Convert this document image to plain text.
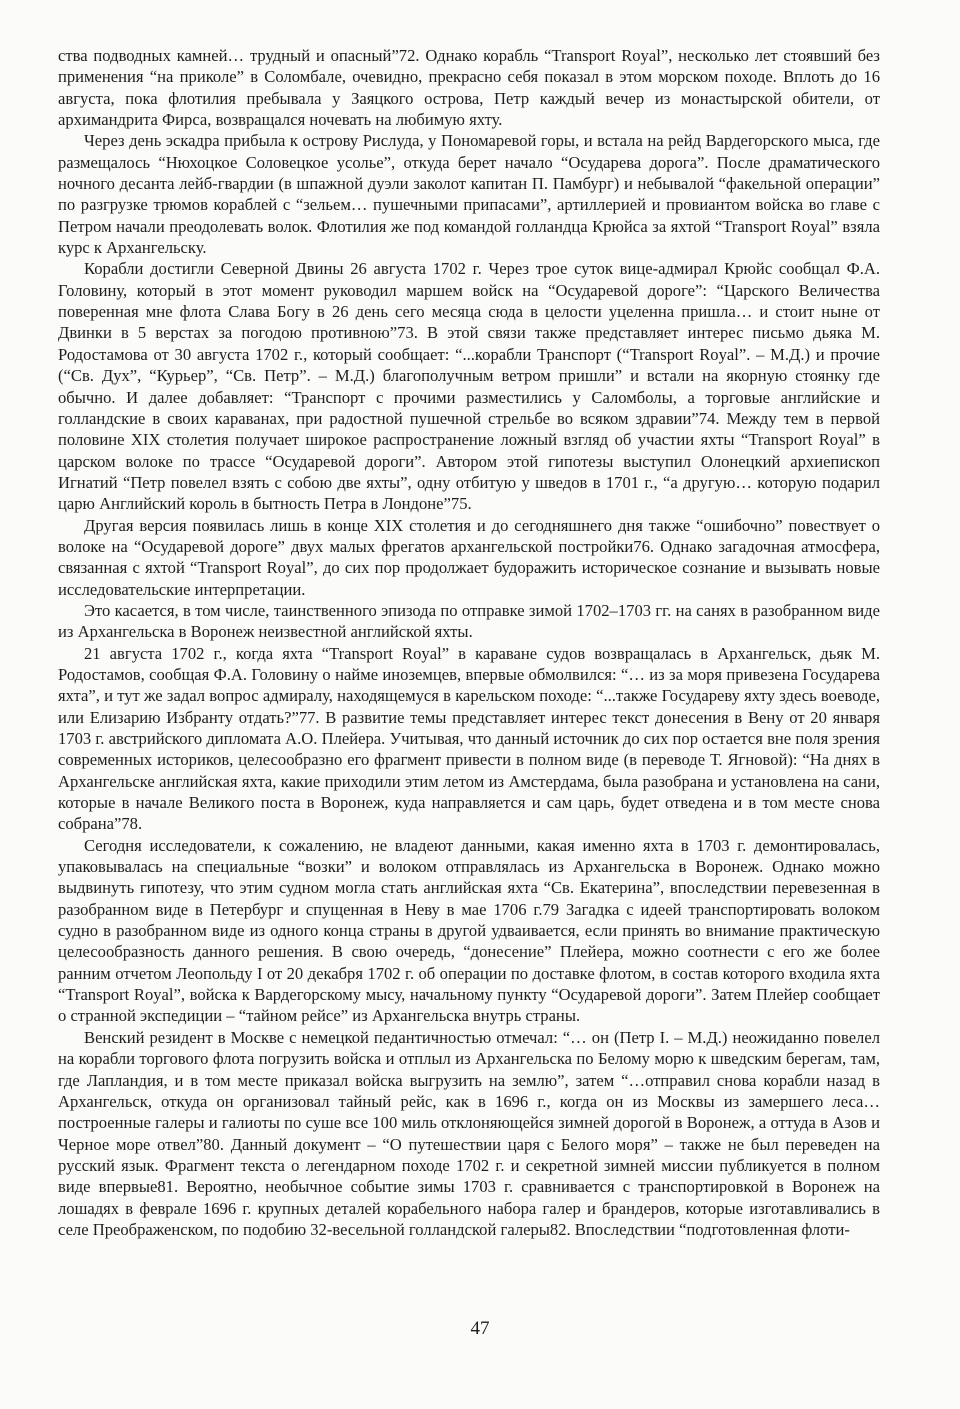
ства подводных камней… трудный и опасный”72. Однако корабль “Transport Royal”, несколько лет стоявший без применения “на приколе” в Соломбале, очевидно, прекрасно себя показал в этом морском походе. Вплоть до 16 августа, пока флотилия пребывала у Заяцкого острова, Петр каждый вечер из монастырской обители, от архимандрита Фирса, возвращался ночевать на любимую яхту.

Через день эскадра прибыла к острову Рислуда, у Пономаревой горы, и встала на рейд Вардегорского мыса, где размещалось “Нюхоцкое Соловецкое усолье”, откуда берет начало “Осударева дорога”. После драматического ночного десанта лейб-гвардии (в шпажной дуэли заколот капитан П. Памбург) и небывалой “факельной операции” по разгрузке трюмов кораблей с “зельем… пушечными припасами”, артиллерией и провиантом войска во главе с Петром начали преодолевать волок. Флотилия же под командой голландца Крюйса за яхтой “Transport Royal” взяла курс к Архангельску.

Корабли достигли Северной Двины 26 августа 1702 г. Через трое суток вице-адмирал Крюйс сообщал Ф.А. Головину, который в этот момент руководил маршем войск на “Осударевой дороге”: “Царского Величества поверенная мне флота Слава Богу в 26 день сего месяца сюда в целости уцеленна пришла… и стоит ныне от Двинки в 5 верстах за погодою противною”73. В этой связи также представляет интерес письмо дьяка М. Родостамова от 30 августа 1702 г., который сообщает: “...корабли Транспорт (“Transport Royal”. – М.Д.) и прочие (“Св. Дух”, “Курьер”, “Св. Петр”. – М.Д.) благополучным ветром пришли” и встали на якорную стоянку где обычно. И далее добавляет: “Транспорт с прочими разместились у Саломболы, а торговые английские и голландские в своих караванах, при радостной пушечной стрельбе во всяком здравии”74. Между тем в первой половине XIX столетия получает широкое распространение ложный взгляд об участии яхты “Transport Royal” в царском волоке по трассе “Осударевой дороги”. Автором этой гипотезы выступил Олонецкий архиепископ Игнатий “Петр повелел взять с собою две яхты”, одну отбитую у шведов в 1701 г., “а другую… которую подарил царю Английский король в бытность Петра в Лондоне”75.

Другая версия появилась лишь в конце XIX столетия и до сегодняшнего дня также “ошибочно” повествует о волоке на “Осударевой дороге” двух малых фрегатов архангельской постройки76. Однако загадочная атмосфера, связанная с яхтой “Transport Royal”, до сих пор продолжает будоражить историческое сознание и вызывать новые исследовательские интерпретации.

Это касается, в том числе, таинственного эпизода по отправке зимой 1702–1703 гг. на санях в разобранном виде из Архангельска в Воронеж неизвестной английской яхты.

21 августа 1702 г., когда яхта “Transport Royal” в караване судов возвращалась в Архангельск, дьяк М. Родостамов, сообщая Ф.А. Головину о найме иноземцев, впервые обмолвился: “… из за моря привезена Государева яхта”, и тут же задал вопрос адмиралу, находящемуся в карельском походе: “...также Государеву яхту здесь воеводе, или Елизарию Избранту отдать?”77. В развитие темы представляет интерес текст донесения в Вену от 20 января 1703 г. австрийского дипломата А.О. Плейера. Учитывая, что данный источник до сих пор остается вне поля зрения современных историков, целесообразно его фрагмент привести в полном виде (в переводе Т. Ягновой): “На днях в Архангельске английская яхта, какие приходили этим летом из Амстердама, была разобрана и установлена на сани, которые в начале Великого поста в Воронеж, куда направляется и сам царь, будет отведена и в том месте снова собрана”78.

Сегодня исследователи, к сожалению, не владеют данными, какая именно яхта в 1703 г. демонтировалась, упаковывалась на специальные “возки” и волоком отправлялась из Архангельска в Воронеж. Однако можно выдвинуть гипотезу, что этим судном могла стать английская яхта “Св. Екатерина”, впоследствии перевезенная в разобранном виде в Петербург и спущенная в Неву в мае 1706 г.79 Загадка с идеей транспортировать волоком судно в разобранном виде из одного конца страны в другой удваивается, если принять во внимание практическую целесообразность данного решения. В свою очередь, “донесение” Плейера, можно соотнести с его же более ранним отчетом Леопольду I от 20 декабря 1702 г. об операции по доставке флотом, в состав которого входила яхта “Transport Royal”, войска к Вардегорскому мысу, начальному пункту “Осударевой дороги”. Затем Плейер сообщает о странной экспедиции – “тайном рейсе” из Архангельска внутрь страны.

Венский резидент в Москве с немецкой педантичностью отмечал: “… он (Петр I. – М.Д.) неожиданно повелел на корабли торгового флота погрузить войска и отплыл из Архангельска по Белому морю к шведским берегам, там, где Лапландия, и в том месте приказал войска выгрузить на землю”, затем “…отправил снова корабли назад в Архангельск, откуда он организовал тайный рейс, как в 1696 г., когда он из Москвы из замершего леса… построенные галеры и галиоты по суше все 100 миль отклоняющейся зимней дорогой в Воронеж, а оттуда в Азов и Черное море отвел”80. Данный документ – “О путешествии царя с Белого моря” – также не был переведен на русский язык. Фрагмент текста о легендарном походе 1702 г. и секретной зимней миссии публикуется в полном виде впервые81. Вероятно, необычное событие зимы 1703 г. сравнивается с транспортировкой в Воронеж на лошадях в феврале 1696 г. крупных деталей корабельного набора галер и брандеров, которые изготавливались в селе Преображенском, по подобию 32-весельной голландской галеры82. Впоследствии “подготовленная флоти-

47
